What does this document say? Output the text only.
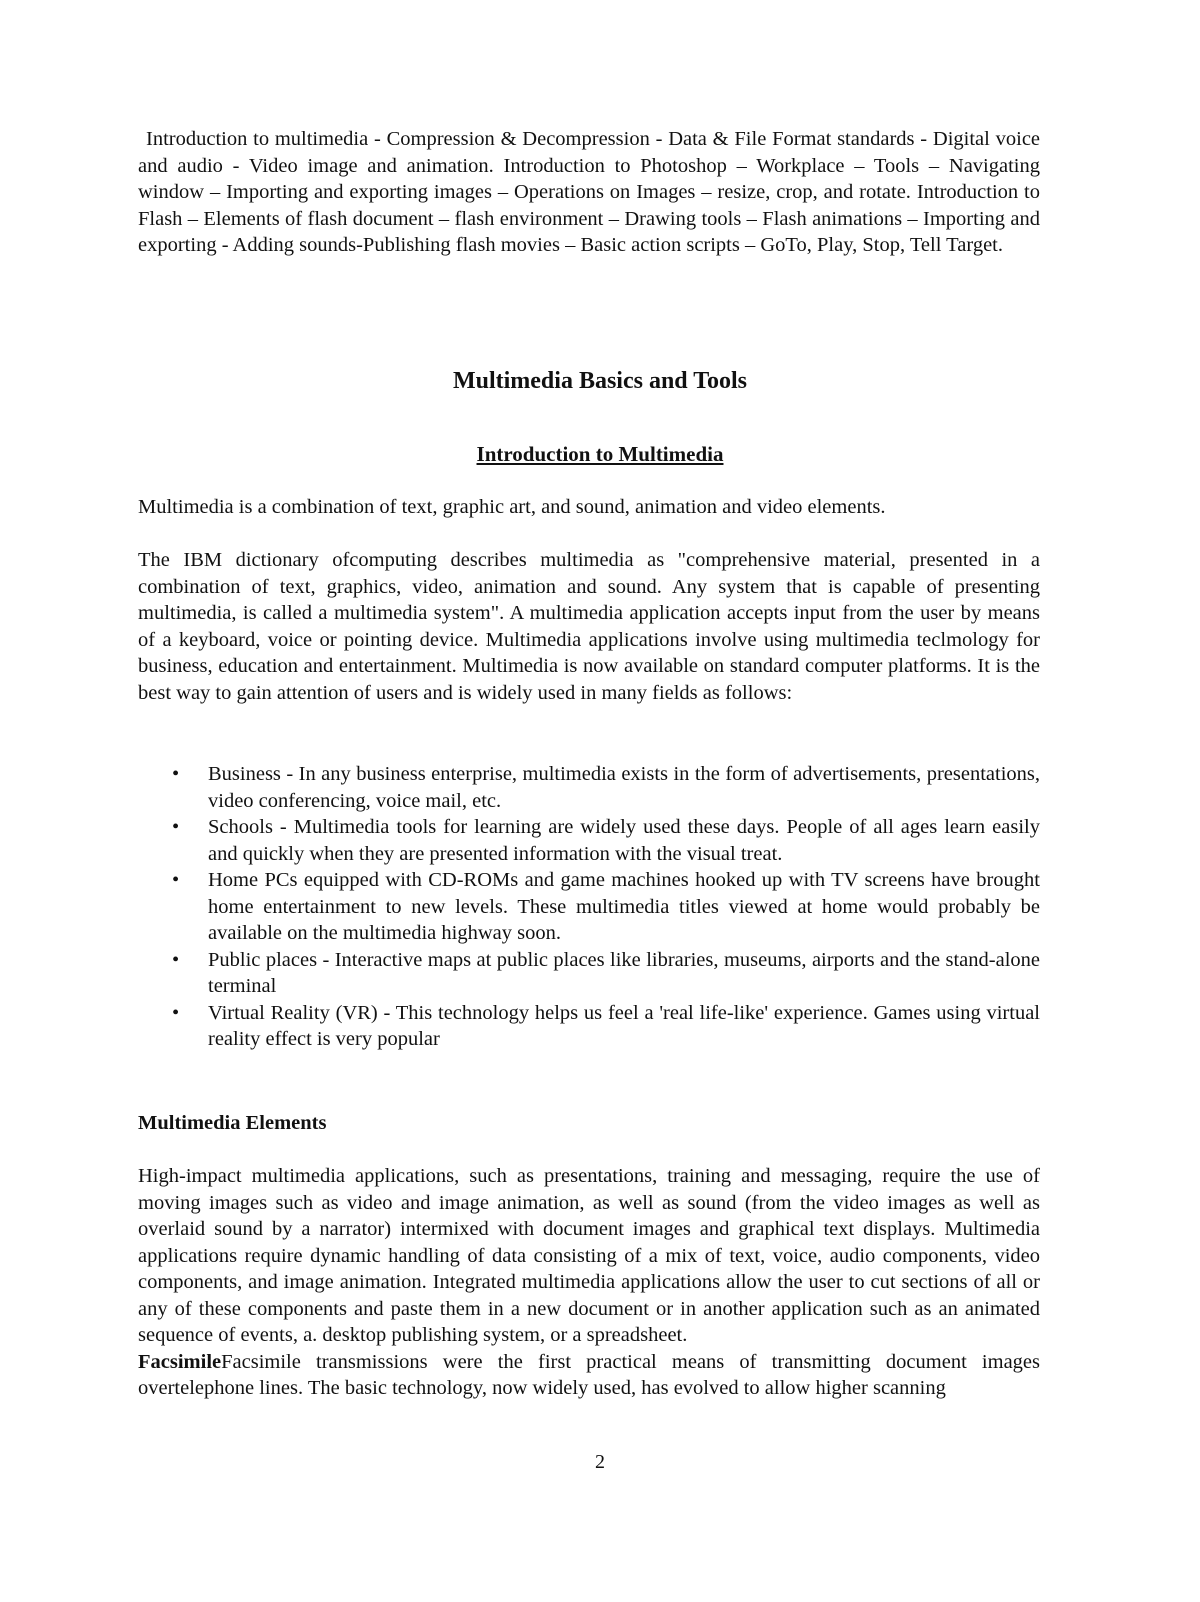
Introduction to multimedia - Compression & Decompression - Data & File Format standards - Digital voice and audio - Video image and animation. Introduction to Photoshop – Workplace – Tools – Navigating window – Importing and exporting images – Operations on Images – resize, crop, and rotate. Introduction to Flash – Elements of flash document – flash environment – Drawing tools – Flash animations – Importing and exporting - Adding sounds-Publishing flash movies – Basic action scripts – GoTo, Play, Stop, Tell Target.

Multimedia Basics and Tools
Introduction to Multimedia

Multimedia is a combination of text, graphic art, and sound, animation and video elements.

The IBM dictionary ofcomputing describes multimedia as "comprehensive material, presented in a combination of text, graphics, video, animation and sound. Any system that is capable of presenting multimedia, is called a multimedia system". A multimedia application accepts input from the user by means of a keyboard, voice or pointing device. Multimedia applications involve using multimedia teclmology for business, education and entertainment. Multimedia is now available on standard computer platforms. It is the best way to gain attention of users and is widely used in many fields as follows:

• Business - In any business enterprise, multimedia exists in the form of advertisements, presentations, video conferencing, voice mail, etc.
• Schools - Multimedia tools for learning are widely used these days. People of all ages learn easily and quickly when they are presented information with the visual treat.
• Home PCs equipped with CD-ROMs and game machines hooked up with TV screens have brought home entertainment to new levels. These multimedia titles viewed at home would probably be available on the multimedia highway soon.
• Public places - Interactive maps at public places like libraries, museums, airports and the stand-alone terminal
• Virtual Reality (VR) - This technology helps us feel a 'real life-like' experience. Games using virtual reality effect is very popular
Multimedia Elements

High-impact multimedia applications, such as presentations, training and messaging, require the use of moving images such as video and image animation, as well as sound (from the video images as well as overlaid sound by a narrator) intermixed with document images and graphical text displays. Multimedia applications require dynamic handling of data consisting of a mix of text, voice, audio components, video components, and image animation. Integrated multimedia applications allow the user to cut sections of all or any of these components and paste them in a new document or in another application such as an animated sequence of events, a. desktop publishing system, or a spreadsheet.

FacsimileFacsimile transmissions were the first practical means of transmitting document images overtelephone lines. The basic technology, now widely used, has evolved to allow higher scanning

2
